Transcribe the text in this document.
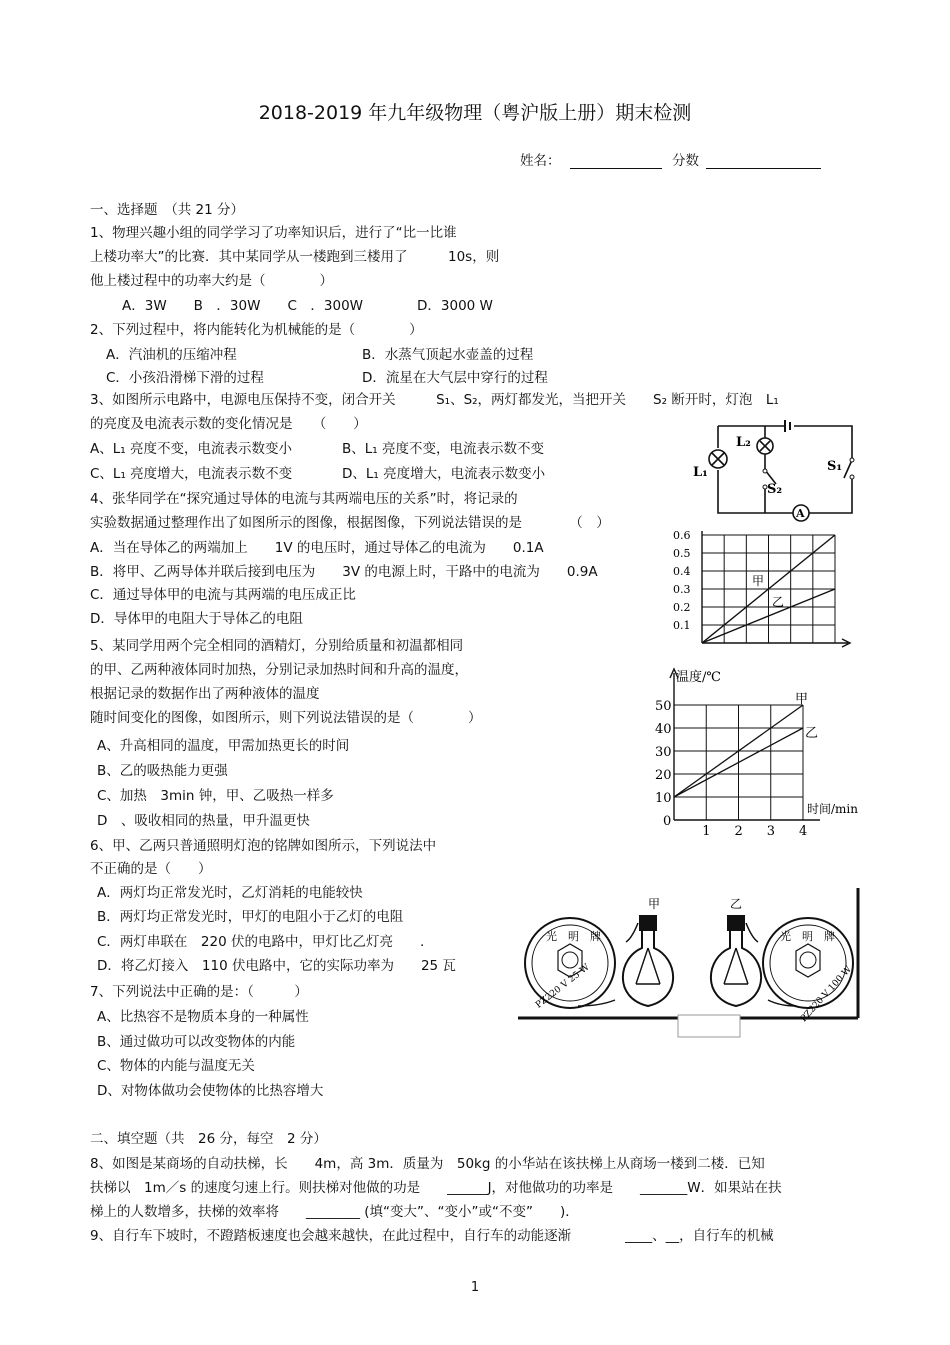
2018-2019 年九年级物理（粤沪版上册）期末检测
姓名：	分数
一、选择题　（共 21 分）
1、物理兴趣小组的同学学习了功率知识后，进行了“比一比谁
上楼功率大”的比赛．其中某同学从一楼跑到三楼用了　　　10s，则
他上楼过程中的功率大约是（　　　　）
A．3W　　B　．30W　　C　．300W　　　　D．3000 W
2、下列过程中，将内能转化为机械能的是（　　　　）
A．汽油机的压缩冲程	B．水蒸气顶起水壶盖的过程
C．小孩沿滑梯下滑的过程	D．流星在大气层中穿行的过程
3、如图所示电路中，电源电压保持不变，闭合开关　　　S₁、S₂，两灯都发光，当把开关　　S₂ 断开时，灯泡　L₁
的亮度及电流表示数的变化情况是　　（　　）
A、L₁ 亮度不变，电流表示数变小	B、L₁ 亮度不变，电流表示数不变
C、L₁ 亮度增大，电流表示数不变	D、L₁ 亮度增大，电流表示数变小
4、张华同学在“探究通过导体的电流与其两端电压的关系”时，将记录的
实验数据通过整理作出了如图所示的图像，根据图像，下列说法错误的是　　　　（　）
A．当在导体乙的两端加上　　1V 的电压时，通过导体乙的电流为　　0.1A
B．将甲、乙两导体并联后接到电压为　　3V 的电源上时，干路中的电流为　　0.9A
C．通过导体甲的电流与其两端的电压成正比
D．导体甲的电阻大于导体乙的电阻
5、某同学用两个完全相同的酒精灯，分别给质量和初温都相同
的甲、乙两种液体同时加热，分别记录加热时间和升高的温度，
根据记录的数据作出了两种液体的温度
随时间变化的图像，如图所示，则下列说法错误的是（　　　　）
A、升高相同的温度，甲需加热更长的时间
B、乙的吸热能力更强
C、加热　3min 钟，甲、乙吸热一样多
D　、吸收相同的热量，甲升温更快
6、甲、乙两只普通照明灯泡的铭牌如图所示，下列说法中
不正确的是（　　）
A．两灯均正常发光时，乙灯消耗的电能较快
B．两灯均正常发光时，甲灯的电阻小于乙灯的电阻
C．两灯串联在　220 伏的电路中，甲灯比乙灯亮　　.
D．将乙灯接入　110 伏电路中，它的实际功率为　　25 瓦
7、下列说法中正确的是：（　　　）
A、比热容不是物质本身的一种属性
B、通过做功可以改变物体的内能
C、物体的内能与温度无关
D、对物体做功会使物体的比热容增大
二、填空题（共　26 分，每空　2 分）
8、如图是某商场的自动扶梯，长　　4m，高 3m．质量为　50kg 的小华站在该扶梯上从商场一楼到二楼．已知
扶梯以　1m／s 的速度匀速上行。则扶梯对他做的功是　　______J，对他做功的功率是　　_______W．如果站在扶
梯上的人数增多，扶梯的效率将　　________ (填“变大”、“变小”或“不变”　　)．
9、自行车下坡时，不蹬踏板速度也会越来越快，在此过程中，自行车的动能逐渐　　　　____、__，自行车的机械
1
L₁
L₂
S₁
S₂
A
0.1
0.2
0.3
0.4
0.5
0.6
甲
乙
50
40
30
20
10
0
1 2 3 4
温度/℃
时间/min
甲
乙
光　明　牌
PZ220 V 25 W
甲	乙
光　明　牌
PZ220 V 100 W
